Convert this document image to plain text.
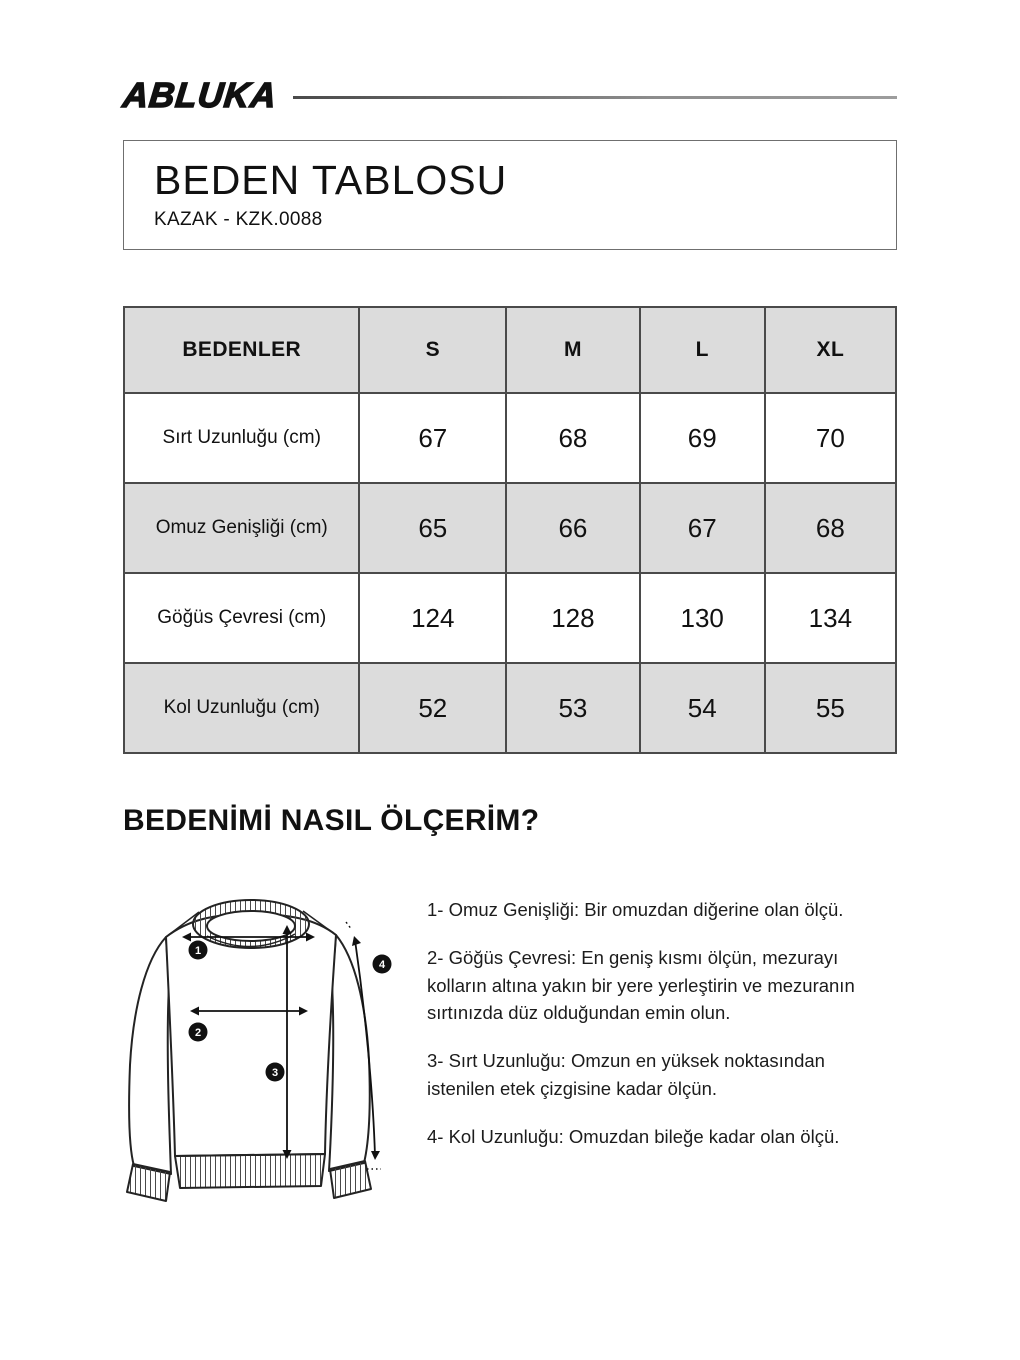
ABLUKA
BEDEN TABLOSU
KAZAK - KZK.0088
BEDENLER	S	M	L	XL
Sırt Uzunluğu (cm)	67	68	69	70
Omuz Genişliği (cm)	65	66	67	68
Göğüs Çevresi (cm)	124	128	130	134
Kol Uzunluğu (cm)	52	53	54	55
BEDENİMİ NASIL ÖLÇERİM?
1
2
3
4

1- Omuz Genişliği: Bir omuzdan diğerine olan ölçü.

2- Göğüs Çevresi: En geniş kısmı ölçün, mezurayı kolların altına yakın bir yere yerleştirin ve mezuranın sırtınızda düz olduğundan emin olun.

3- Sırt Uzunluğu: Omzun en yüksek noktasından istenilen etek çizgisine kadar ölçün.

4- Kol Uzunluğu: Omuzdan bileğe kadar olan ölçü.
